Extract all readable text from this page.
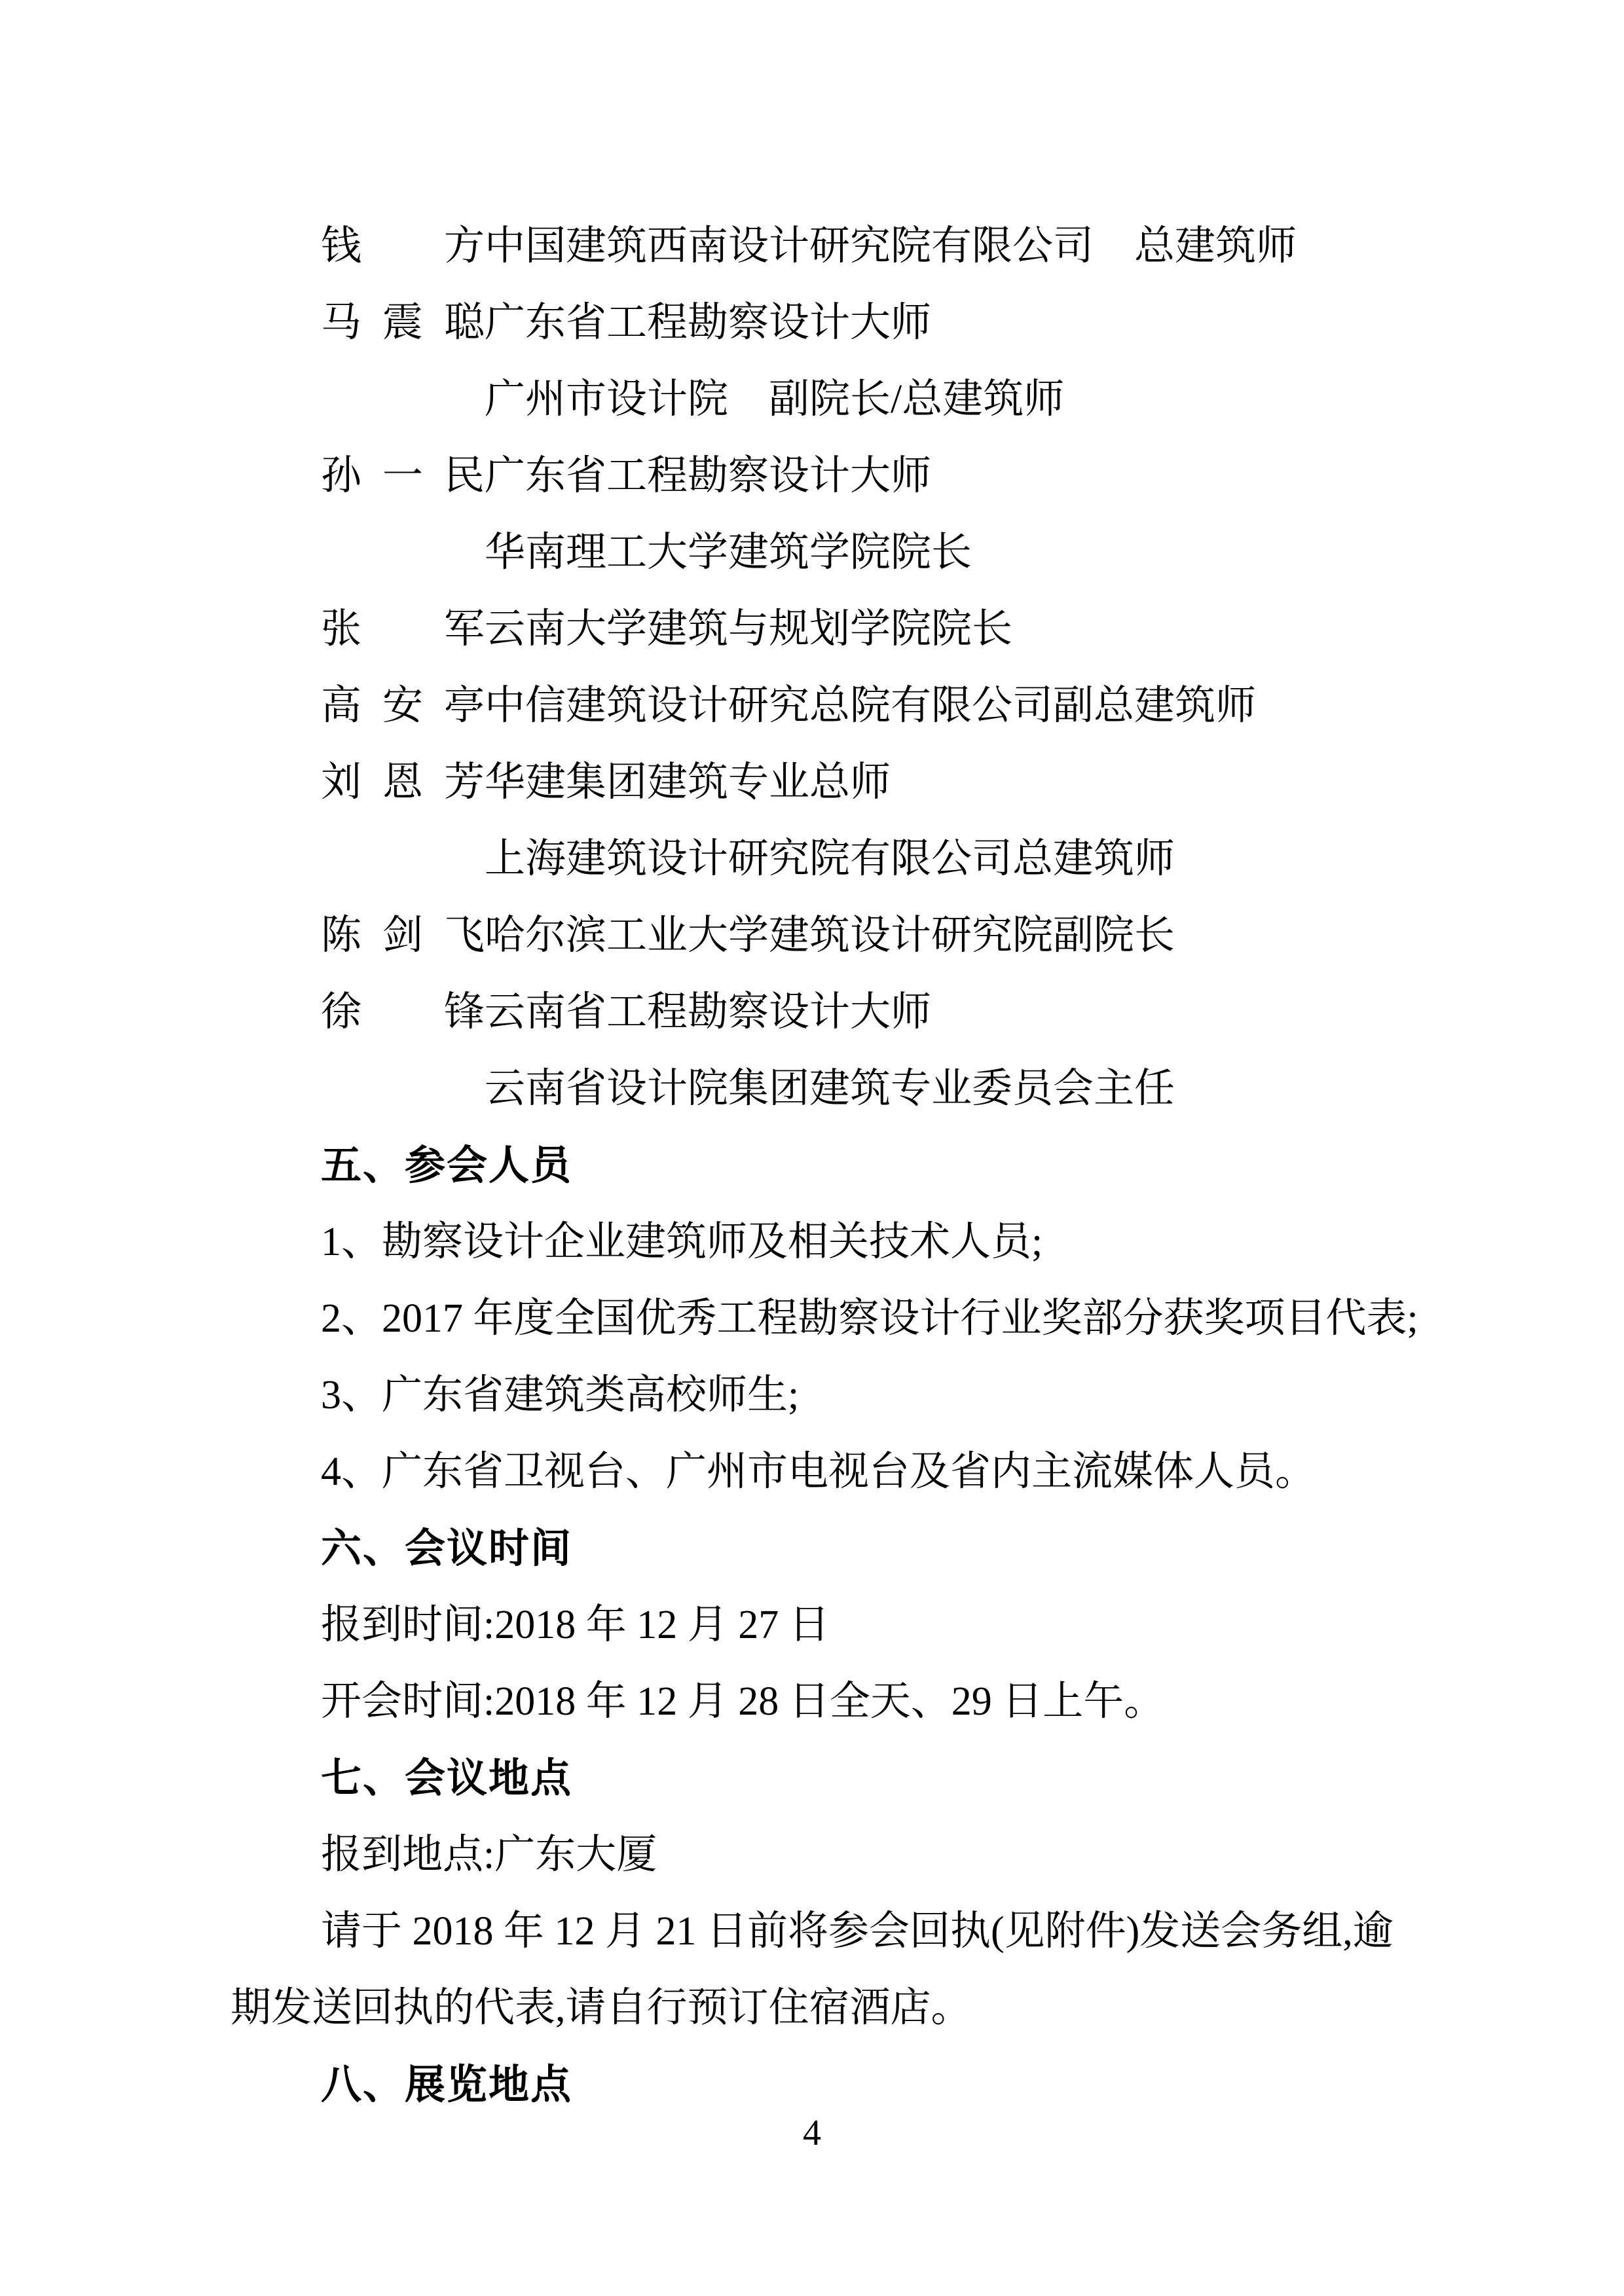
钱　方中国建筑西南设计研究院有限公司　总建筑师
马震聪广东省工程勘察设计大师
广州市设计院　副院长/总建筑师
孙一民广东省工程勘察设计大师
华南理工大学建筑学院院长
张　军云南大学建筑与规划学院院长
高安亭中信建筑设计研究总院有限公司副总建筑师
刘恩芳华建集团建筑专业总师
上海建筑设计研究院有限公司总建筑师
陈剑飞哈尔滨工业大学建筑设计研究院副院长
徐　锋云南省工程勘察设计大师
云南省设计院集团建筑专业委员会主任
五、参会人员
1、勘察设计企业建筑师及相关技术人员;
2、2017 年度全国优秀工程勘察设计行业奖部分获奖项目代表;
3、广东省建筑类高校师生;
4、广东省卫视台、广州市电视台及省内主流媒体人员。
六、会议时间
报到时间:2018 年 12 月 27 日
开会时间:2018 年 12 月 28 日全天、29 日上午。
七、会议地点
报到地点:广东大厦
请于 2018 年 12 月 21 日前将参会回执(见附件)发送会务组,逾
期发送回执的代表,请自行预订住宿酒店。
八、展览地点
4
